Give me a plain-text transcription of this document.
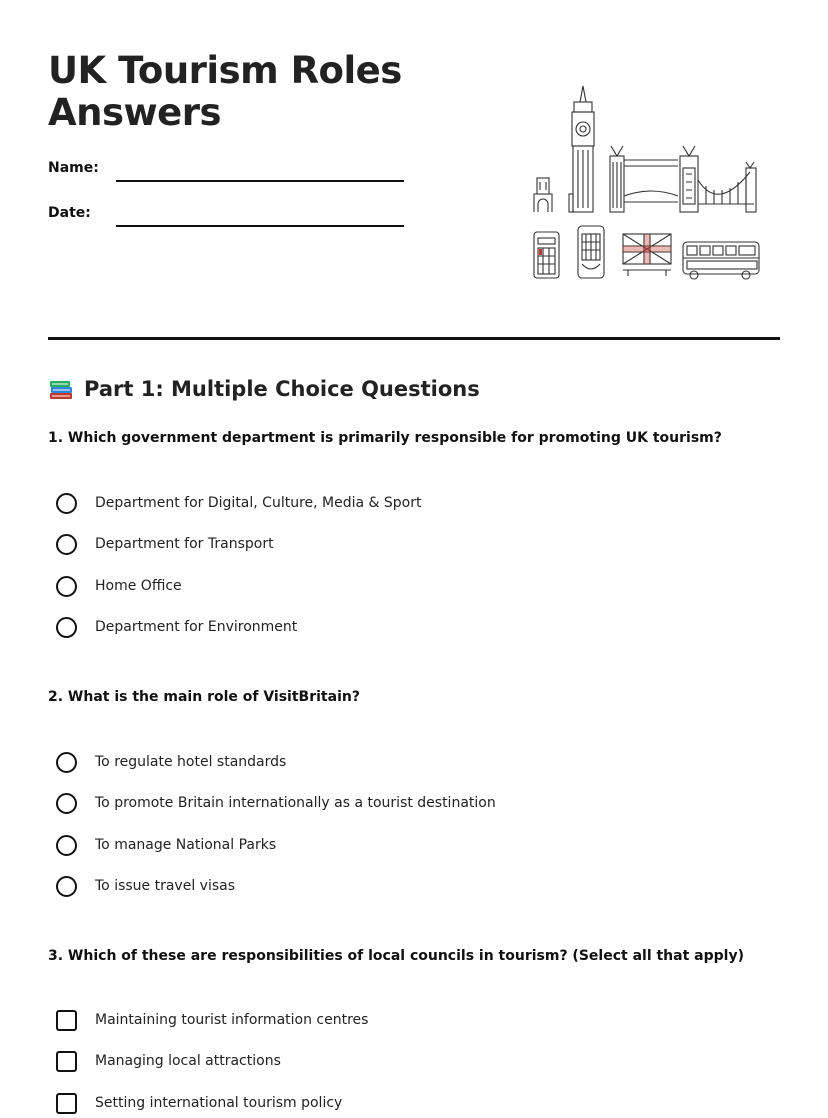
UK Tourism Roles
Answers
Name:
Date:
Part 1: Multiple Choice Questions

1. Which government department is primarily responsible for promoting UK tourism?

Department for Digital, Culture, Media & Sport
Department for Transport
Home Office
Department for Environment

2. What is the main role of VisitBritain?

To regulate hotel standards
To promote Britain internationally as a tourist destination
To manage National Parks
To issue travel visas

3. Which of these are responsibilities of local councils in tourism? (Select all that apply)

Maintaining tourist information centres
Managing local attractions
Setting international tourism policy
